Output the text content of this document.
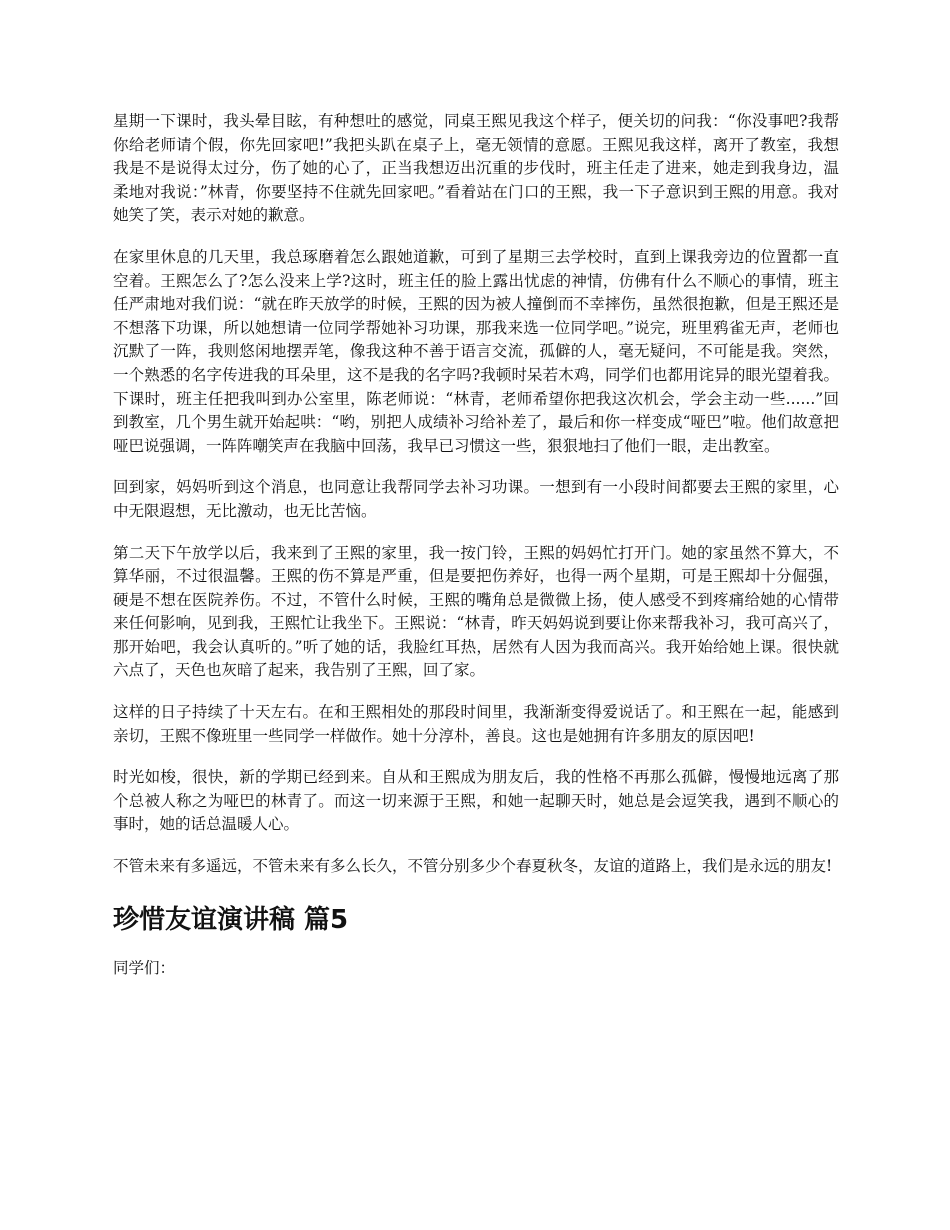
星期一下课时，我头晕目眩，有种想吐的感觉，同桌王熙见我这个样子，便关切的问我：“你没事吧?我帮你给老师请个假，你先回家吧!”我把头趴在桌子上，毫无领情的意愿。王熙见我这样，离开了教室，我想我是不是说得太过分，伤了她的心了，正当我想迈出沉重的步伐时，班主任走了进来，她走到我身边，温柔地对我说：”林青，你要坚持不住就先回家吧。”看着站在门口的王熙，我一下子意识到王熙的用意。我对她笑了笑，表示对她的歉意。

在家里休息的几天里，我总琢磨着怎么跟她道歉，可到了星期三去学校时，直到上课我旁边的位置都一直空着。王熙怎么了?怎么没来上学?这时，班主任的脸上露出忧虑的神情，仿佛有什么不顺心的事情，班主任严肃地对我们说：“就在昨天放学的时候，王熙的因为被人撞倒而不幸摔伤，虽然很抱歉，但是王熙还是不想落下功课，所以她想请一位同学帮她补习功课，那我来选一位同学吧。”说完，班里鸦雀无声，老师也沉默了一阵，我则悠闲地摆弄笔，像我这种不善于语言交流，孤僻的人，毫无疑问，不可能是我。突然，一个熟悉的名字传进我的耳朵里，这不是我的名字吗?我顿时呆若木鸡，同学们也都用诧异的眼光望着我。下课时，班主任把我叫到办公室里，陈老师说：“林青，老师希望你把我这次机会，学会主动一些......”回到教室，几个男生就开始起哄：“哟，别把人成绩补习给补差了，最后和你一样变成“哑巴”啦。他们故意把哑巴说强调，一阵阵嘲笑声在我脑中回荡，我早已习惯这一些，狠狠地扫了他们一眼，走出教室。

回到家，妈妈听到这个消息，也同意让我帮同学去补习功课。一想到有一小段时间都要去王熙的家里，心中无限遐想，无比激动，也无比苦恼。

第二天下午放学以后，我来到了王熙的家里，我一按门铃，王熙的妈妈忙打开门。她的家虽然不算大，不算华丽，不过很温馨。王熙的伤不算是严重，但是要把伤养好，也得一两个星期，可是王熙却十分倔强，硬是不想在医院养伤。不过，不管什么时候，王熙的嘴角总是微微上扬，使人感受不到疼痛给她的心情带来任何影响，见到我，王熙忙让我坐下。王熙说：“林青，昨天妈妈说到要让你来帮我补习，我可高兴了，那开始吧，我会认真听的。”听了她的话，我脸红耳热，居然有人因为我而高兴。我开始给她上课。很快就六点了，天色也灰暗了起来，我告别了王熙，回了家。

这样的日子持续了十天左右。在和王熙相处的那段时间里，我渐渐变得爱说话了。和王熙在一起，能感到亲切，王熙不像班里一些同学一样做作。她十分淳朴，善良。这也是她拥有许多朋友的原因吧!

时光如梭，很快，新的学期已经到来。自从和王熙成为朋友后，我的性格不再那么孤僻，慢慢地远离了那个总被人称之为哑巴的林青了。而这一切来源于王熙，和她一起聊天时，她总是会逗笑我，遇到不顺心的事时，她的话总温暖人心。

不管未来有多遥远，不管未来有多么长久，不管分别多少个春夏秋冬，友谊的道路上，我们是永远的朋友!

珍惜友谊演讲稿 篇5

同学们：
